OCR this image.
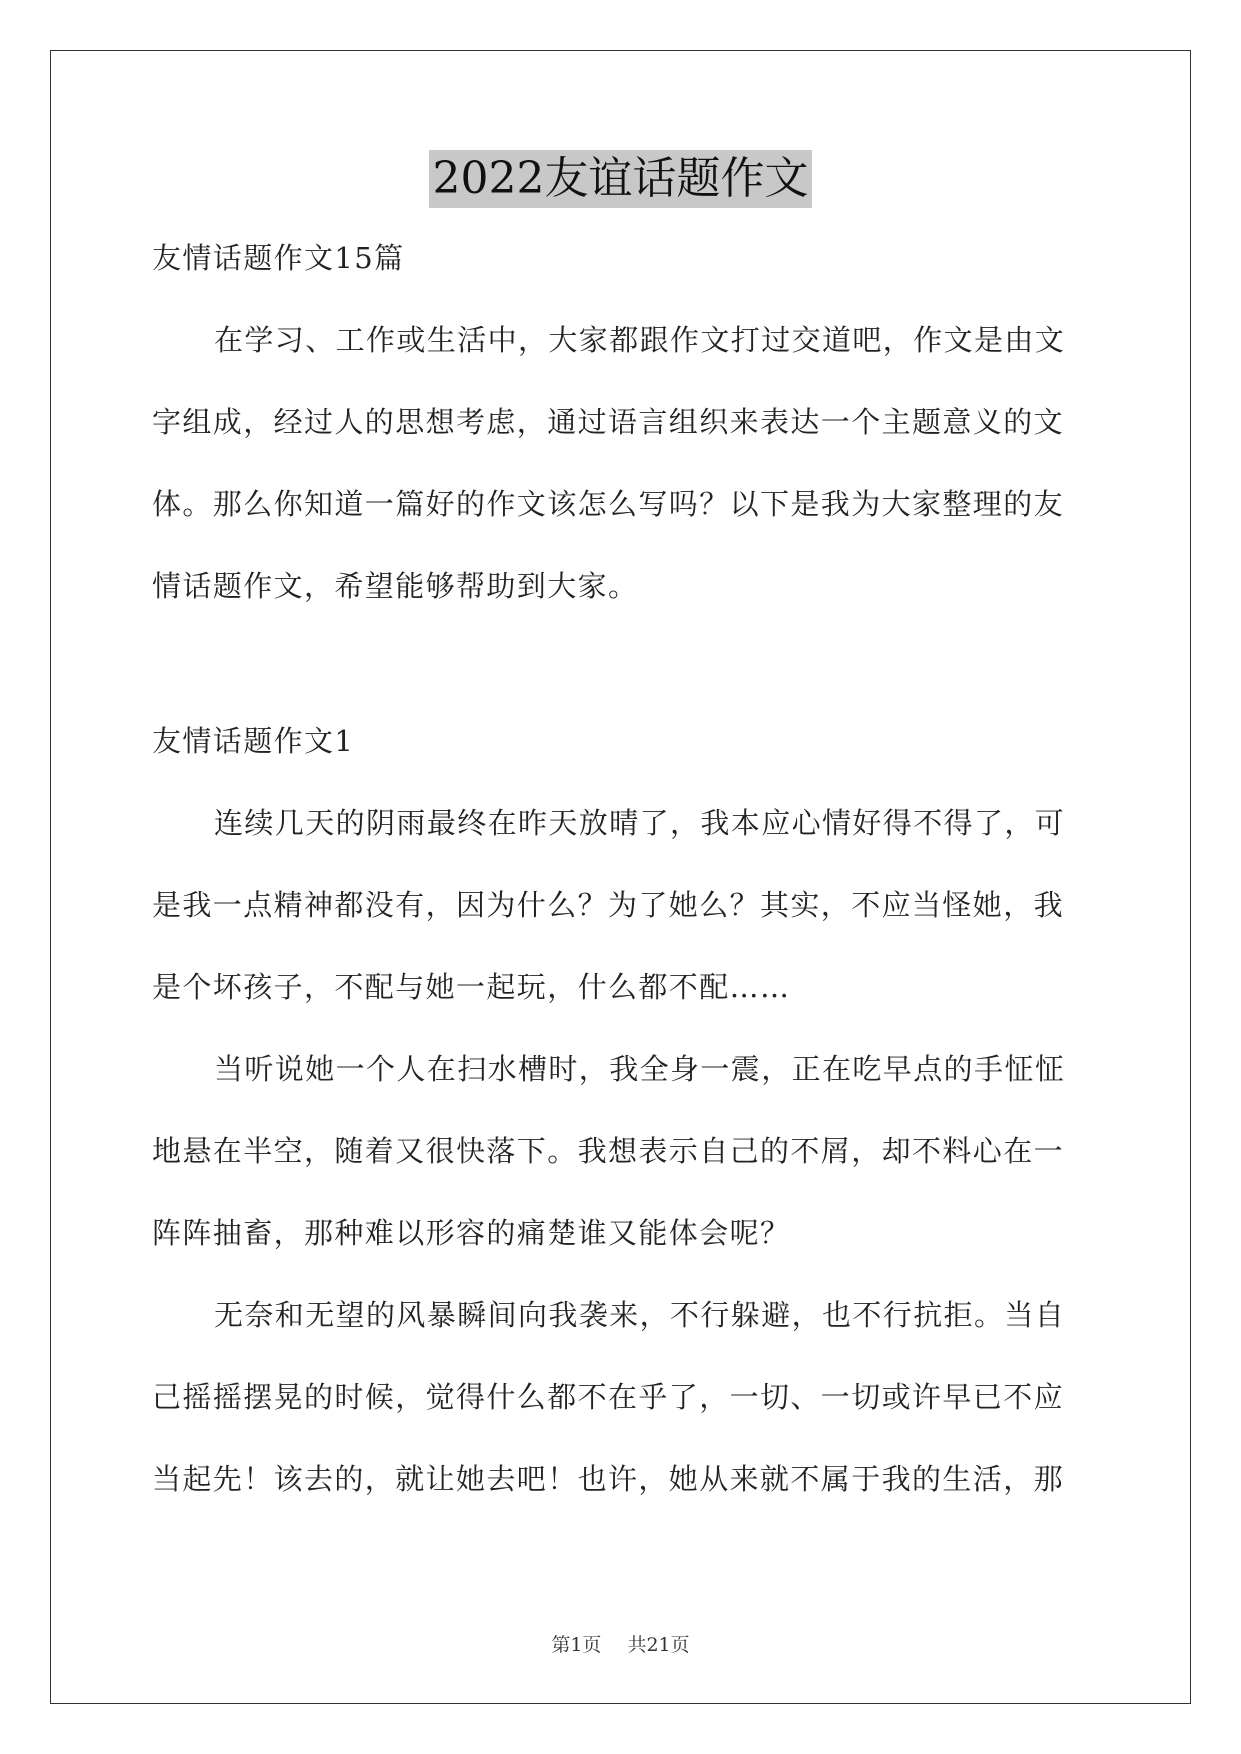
2022友谊话题作文
友情话题作文15篇
在学习、工作或生活中，大家都跟作文打过交道吧，作文是由文
字组成，经过人的思想考虑，通过语言组织来表达一个主题意义的文
体。那么你知道一篇好的作文该怎么写吗？以下是我为大家整理的友
情话题作文，希望能够帮助到大家。
友情话题作文1
连续几天的阴雨最终在昨天放晴了，我本应心情好得不得了，可
是我一点精神都没有，因为什么？为了她么？其实，不应当怪她，我
是个坏孩子，不配与她一起玩，什么都不配……
当听说她一个人在扫水槽时，我全身一震，正在吃早点的手怔怔
地悬在半空，随着又很快落下。我想表示自己的不屑，却不料心在一
阵阵抽畜，那种难以形容的痛楚谁又能体会呢？
无奈和无望的风暴瞬间向我袭来，不行躲避，也不行抗拒。当自
己摇摇摆晃的时候，觉得什么都不在乎了，一切、一切或许早已不应
当起先！该去的，就让她去吧！也许，她从来就不属于我的生活，那
第1页 共21页
